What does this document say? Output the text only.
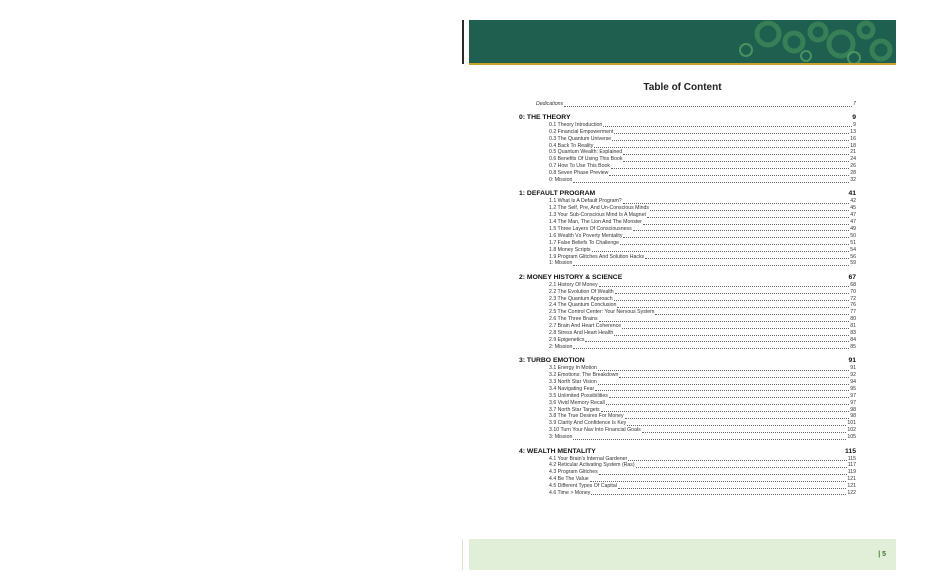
Table of Content
Dedications	7
0: THE THEORY	9
0.1 Theory Introduction	9
0.2 Financial Empowerment	13
0.3 The Quantum Universe	16
0.4 Back To Reality	18
0.5 Quantum Wealth: Explained	21
0.6 Benefits Of Using This Book	24
0.7 How To Use This Book	26
0.8 Seven Phase Preview	28
0: Mission	32
1: DEFAULT PROGRAM	41
1.1 What Is A Default Program?	42
1.2 The Self, Pre, And Un-Conscious Minds	45
1.3 Your Sub-Conscious Mind Is A Magnet	47
1.4 The Man, The Lion And The Monster	47
1.5 Three Layers Of Consciousness	49
1.6 Wealth Vs Poverty Mentality	50
1.7 False Beliefs To Challenge	51
1.8 Money Scripts	54
1.9 Program Glitches And Solution Hacks	56
1: Mission	59
2: MONEY HISTORY & SCIENCE	67
2.1 History Of Money	68
2.2 The Evolution Of Wealth	70
2.3 The Quantum Approach	72
2.4 The Quantum Conclusion	76
2.5 The Control Center: Your Nervous System	77
2.6 The Three Brains	80
2.7 Brain And Heart Coherence	81
2.8 Stress And Heart Health	83
2.9 Epigenetics	84
2: Mission	85
3: TURBO EMOTION	91
3.1 Energy In Motion	91
3.2 Emotions: The Breakdown	92
3.3 North Star Vision	94
3.4 Navigating Fear	95
3.5 Unlimited Possibilities	97
3.6 Vivid Memory Recall	97
3.7 North Star Targets	98
3.8 The True Desires For Money	98
3.9 Clarity And Confidence Is Key	101
3.10 Turn Your Nav Into Financial Goals	102
3: Mission	105
4: WEALTH MENTALITY	115
4.1 Your Brain's Internal Gardener	115
4.2 Reticular Activating System (Ras)	117
4.3 Program Glitches	119
4.4 Be The Value	121
4.5 Different Types Of Capital	121
4.6 Time > Money	122
| 5
